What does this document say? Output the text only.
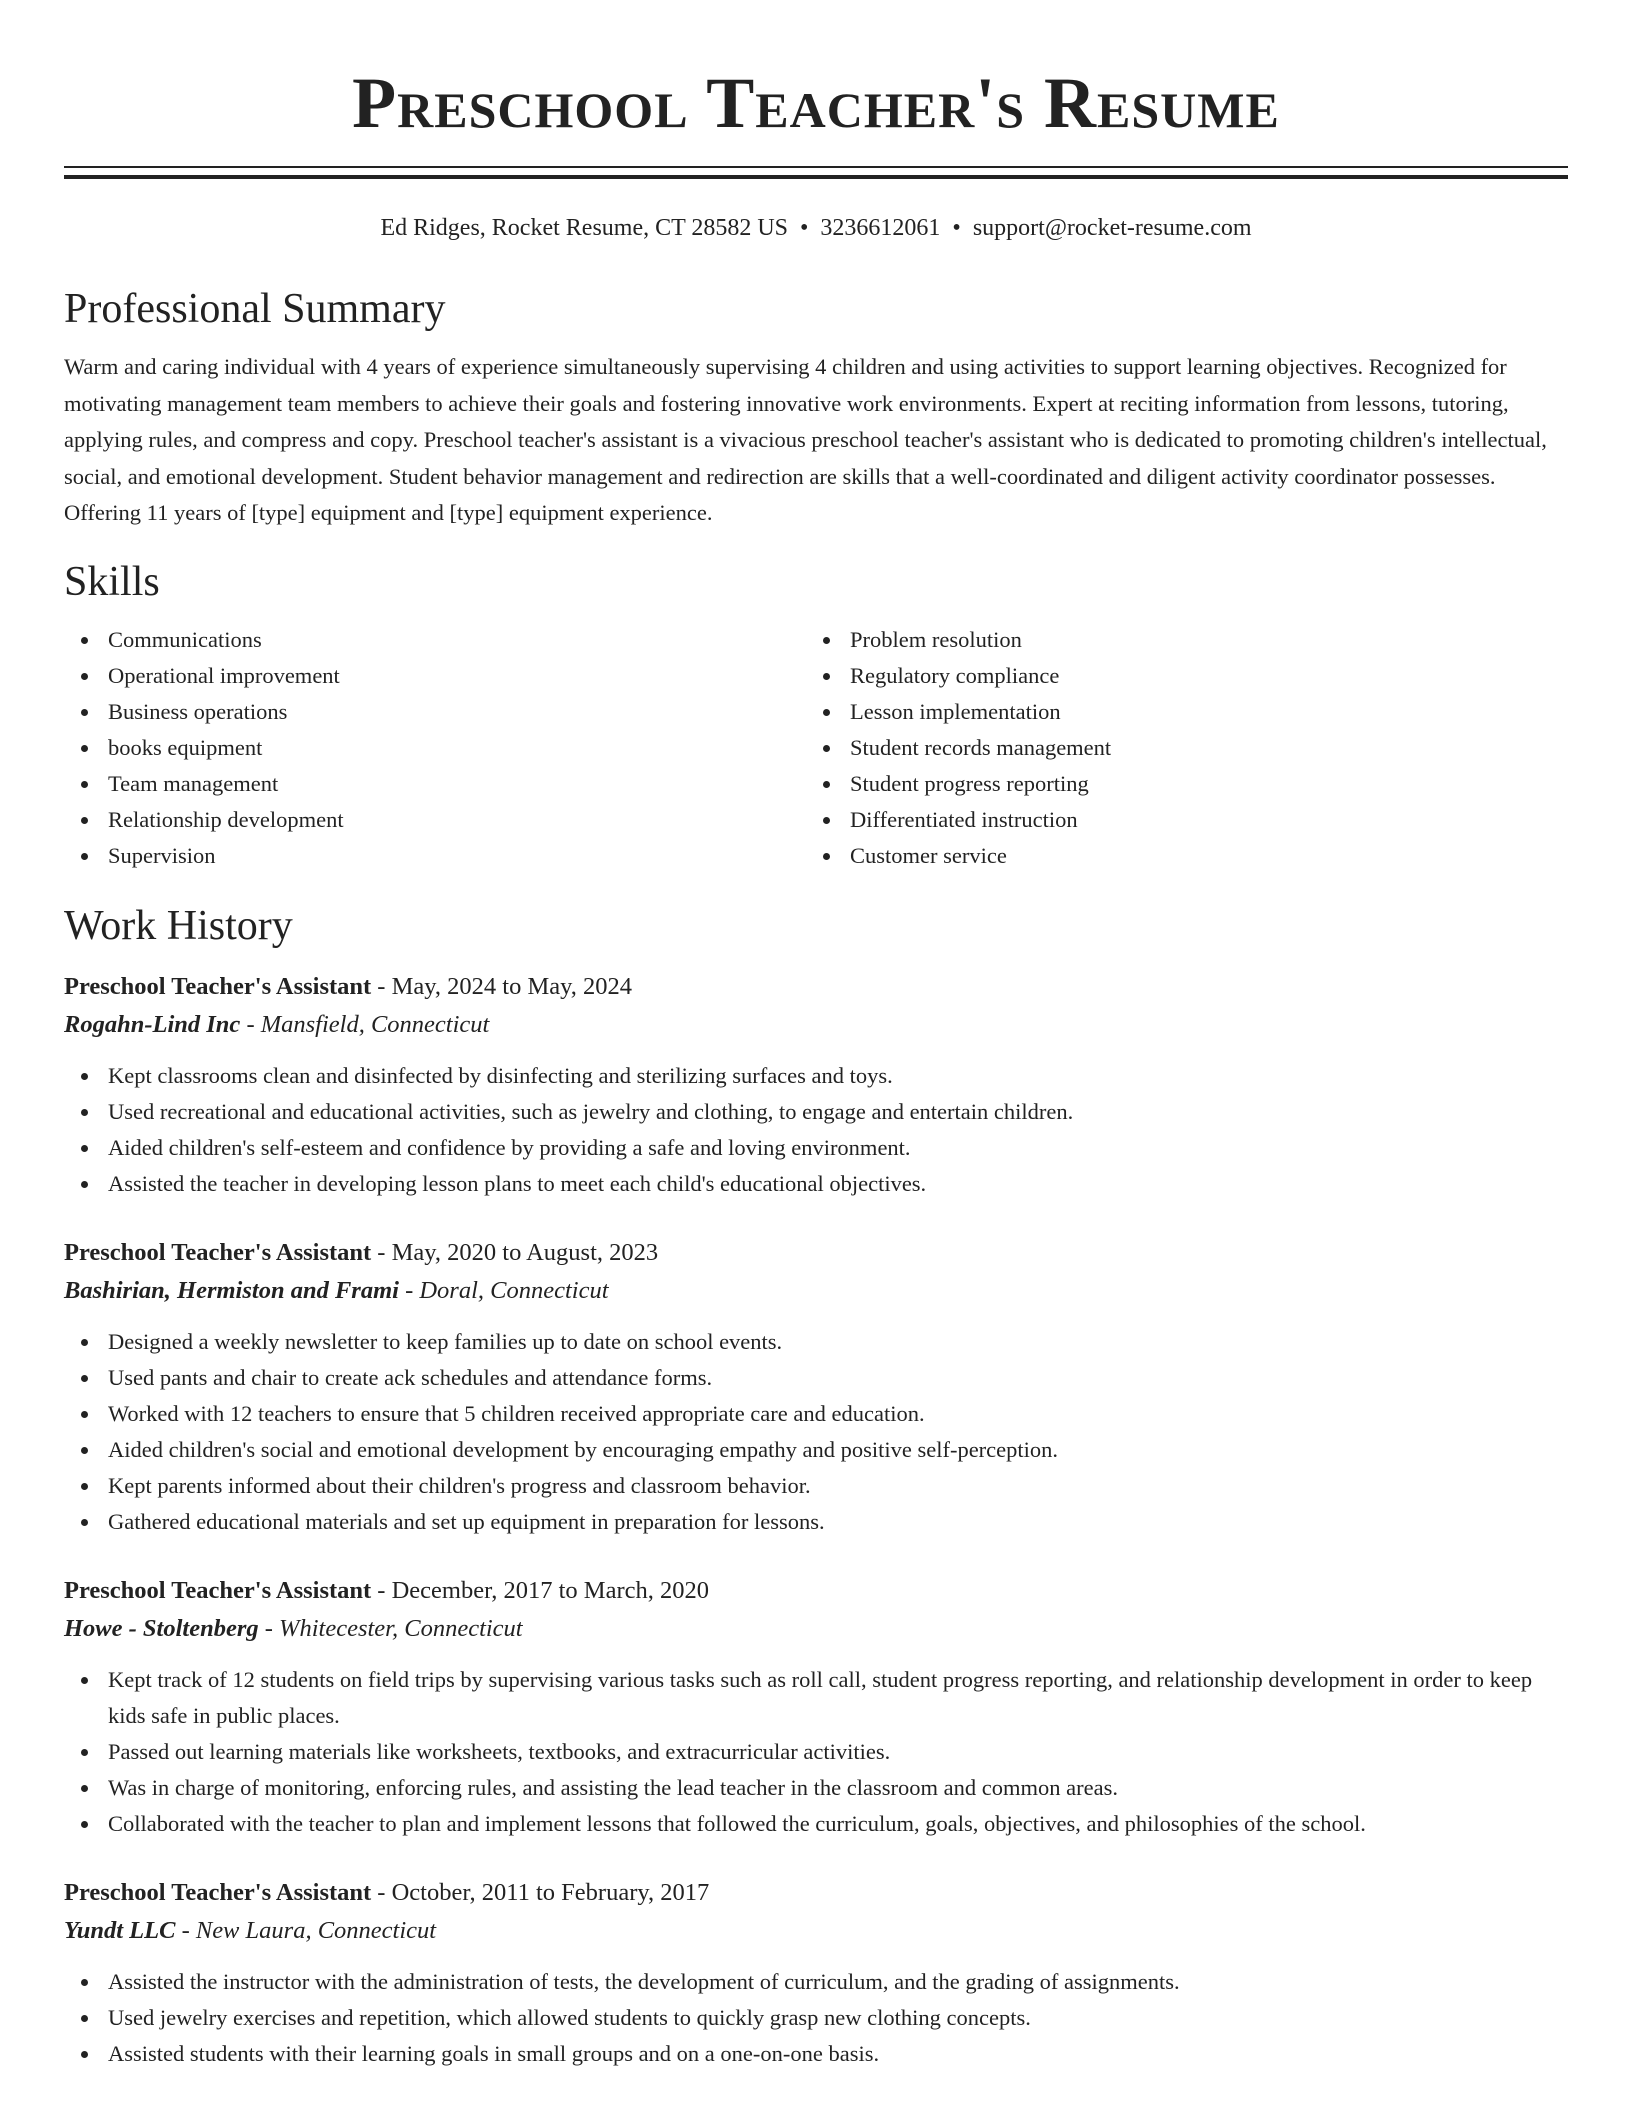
Preschool Teacher's Resume
Ed Ridges, Rocket Resume, CT 28582 US • 3236612061 • support@rocket-resume.com
Professional Summary

Warm and caring individual with 4 years of experience simultaneously supervising 4 children and using activities to support learning objectives. Recognized for motivating management team members to achieve their goals and fostering innovative work environments. Expert at reciting information from lessons, tutoring, applying rules, and compress and copy. Preschool teacher's assistant is a vivacious preschool teacher's assistant who is dedicated to promoting children's intellectual, social, and emotional development. Student behavior management and redirection are skills that a well-coordinated and diligent activity coordinator possesses. Offering 11 years of [type] equipment and [type] equipment experience.

Skills
Communications
Operational improvement
Business operations
books equipment
Team management
Relationship development
Supervision
Problem resolution
Regulatory compliance
Lesson implementation
Student records management
Student progress reporting
Differentiated instruction
Customer service
Work History
Preschool Teacher's Assistant - May, 2024 to May, 2024
Rogahn-Lind Inc - Mansfield, Connecticut
Kept classrooms clean and disinfected by disinfecting and sterilizing surfaces and toys.
Used recreational and educational activities, such as jewelry and clothing, to engage and entertain children.
Aided children's self-esteem and confidence by providing a safe and loving environment.
Assisted the teacher in developing lesson plans to meet each child's educational objectives.
Preschool Teacher's Assistant - May, 2020 to August, 2023
Bashirian, Hermiston and Frami - Doral, Connecticut
Designed a weekly newsletter to keep families up to date on school events.
Used pants and chair to create ack schedules and attendance forms.
Worked with 12 teachers to ensure that 5 children received appropriate care and education.
Aided children's social and emotional development by encouraging empathy and positive self-perception.
Kept parents informed about their children's progress and classroom behavior.
Gathered educational materials and set up equipment in preparation for lessons.
Preschool Teacher's Assistant - December, 2017 to March, 2020
Howe - Stoltenberg - Whitecester, Connecticut
Kept track of 12 students on field trips by supervising various tasks such as roll call, student progress reporting, and relationship development in order to keep kids safe in public places.
Passed out learning materials like worksheets, textbooks, and extracurricular activities.
Was in charge of monitoring, enforcing rules, and assisting the lead teacher in the classroom and common areas.
Collaborated with the teacher to plan and implement lessons that followed the curriculum, goals, objectives, and philosophies of the school.
Preschool Teacher's Assistant - October, 2011 to February, 2017
Yundt LLC - New Laura, Connecticut
Assisted the instructor with the administration of tests, the development of curriculum, and the grading of assignments.
Used jewelry exercises and repetition, which allowed students to quickly grasp new clothing concepts.
Assisted students with their learning goals in small groups and on a one-on-one basis.
